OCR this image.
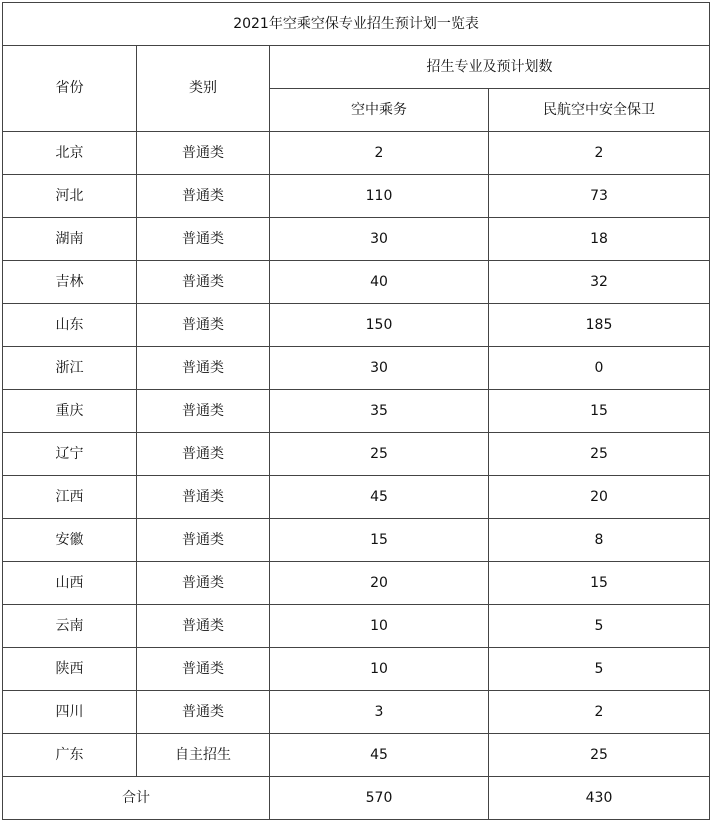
2021年空乘空保专业招生预计划一览表			
省份	类别	招生专业及预计划数	
		空中乘务	民航空中安全保卫
北京	普通类	2	2
河北	普通类	110	73
湖南	普通类	30	18
吉林	普通类	40	32
山东	普通类	150	185
浙江	普通类	30	0
重庆	普通类	35	15
辽宁	普通类	25	25
江西	普通类	45	20
安徽	普通类	15	8
山西	普通类	20	15
云南	普通类	10	5
陕西	普通类	10	5
四川	普通类	3	2
广东	自主招生	45	25
合计		570	430
